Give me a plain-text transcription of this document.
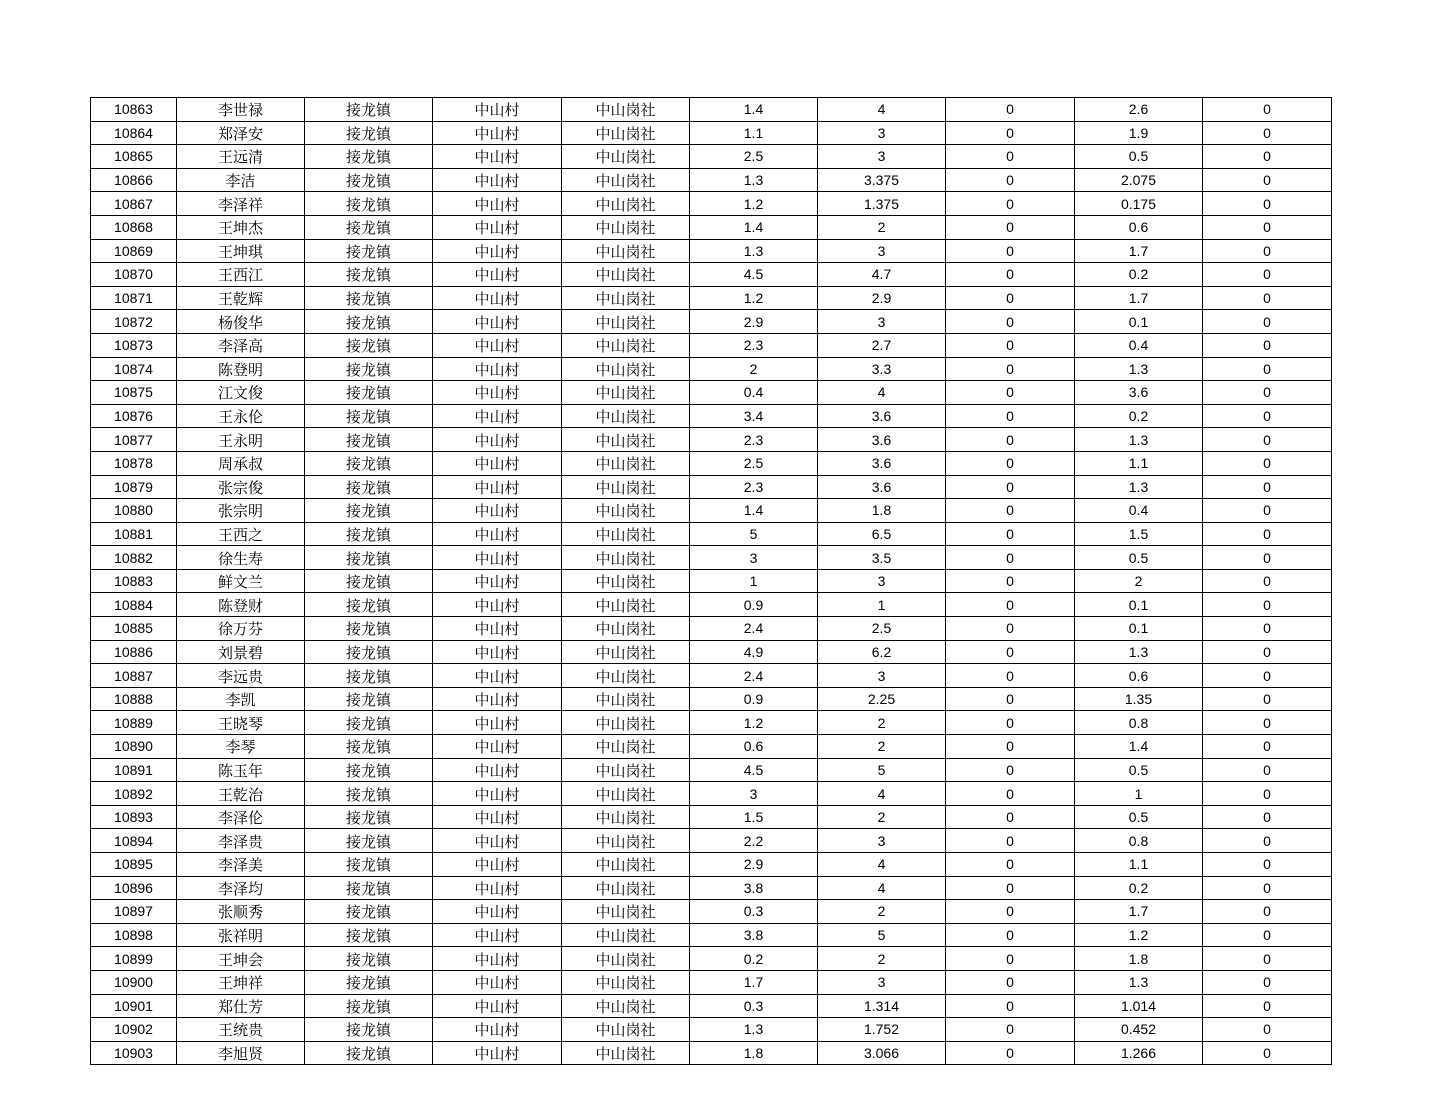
10863	李世禄	接龙镇	中山村	中山岗社	1.4	4	0	2.6	0
10864	郑泽安	接龙镇	中山村	中山岗社	1.1	3	0	1.9	0
10865	王远清	接龙镇	中山村	中山岗社	2.5	3	0	0.5	0
10866	李洁	接龙镇	中山村	中山岗社	1.3	3.375	0	2.075	0
10867	李泽祥	接龙镇	中山村	中山岗社	1.2	1.375	0	0.175	0
10868	王坤杰	接龙镇	中山村	中山岗社	1.4	2	0	0.6	0
10869	王坤琪	接龙镇	中山村	中山岗社	1.3	3	0	1.7	0
10870	王西江	接龙镇	中山村	中山岗社	4.5	4.7	0	0.2	0
10871	王乾辉	接龙镇	中山村	中山岗社	1.2	2.9	0	1.7	0
10872	杨俊华	接龙镇	中山村	中山岗社	2.9	3	0	0.1	0
10873	李泽高	接龙镇	中山村	中山岗社	2.3	2.7	0	0.4	0
10874	陈登明	接龙镇	中山村	中山岗社	2	3.3	0	1.3	0
10875	江文俊	接龙镇	中山村	中山岗社	0.4	4	0	3.6	0
10876	王永伦	接龙镇	中山村	中山岗社	3.4	3.6	0	0.2	0
10877	王永明	接龙镇	中山村	中山岗社	2.3	3.6	0	1.3	0
10878	周承叔	接龙镇	中山村	中山岗社	2.5	3.6	0	1.1	0
10879	张宗俊	接龙镇	中山村	中山岗社	2.3	3.6	0	1.3	0
10880	张宗明	接龙镇	中山村	中山岗社	1.4	1.8	0	0.4	0
10881	王西之	接龙镇	中山村	中山岗社	5	6.5	0	1.5	0
10882	徐生寿	接龙镇	中山村	中山岗社	3	3.5	0	0.5	0
10883	鲜文兰	接龙镇	中山村	中山岗社	1	3	0	2	0
10884	陈登财	接龙镇	中山村	中山岗社	0.9	1	0	0.1	0
10885	徐万芬	接龙镇	中山村	中山岗社	2.4	2.5	0	0.1	0
10886	刘景碧	接龙镇	中山村	中山岗社	4.9	6.2	0	1.3	0
10887	李远贵	接龙镇	中山村	中山岗社	2.4	3	0	0.6	0
10888	李凯	接龙镇	中山村	中山岗社	0.9	2.25	0	1.35	0
10889	王晓琴	接龙镇	中山村	中山岗社	1.2	2	0	0.8	0
10890	李琴	接龙镇	中山村	中山岗社	0.6	2	0	1.4	0
10891	陈玉年	接龙镇	中山村	中山岗社	4.5	5	0	0.5	0
10892	王乾治	接龙镇	中山村	中山岗社	3	4	0	1	0
10893	李泽伦	接龙镇	中山村	中山岗社	1.5	2	0	0.5	0
10894	李泽贵	接龙镇	中山村	中山岗社	2.2	3	0	0.8	0
10895	李泽美	接龙镇	中山村	中山岗社	2.9	4	0	1.1	0
10896	李泽均	接龙镇	中山村	中山岗社	3.8	4	0	0.2	0
10897	张顺秀	接龙镇	中山村	中山岗社	0.3	2	0	1.7	0
10898	张祥明	接龙镇	中山村	中山岗社	3.8	5	0	1.2	0
10899	王坤会	接龙镇	中山村	中山岗社	0.2	2	0	1.8	0
10900	王坤祥	接龙镇	中山村	中山岗社	1.7	3	0	1.3	0
10901	郑仕芳	接龙镇	中山村	中山岗社	0.3	1.314	0	1.014	0
10902	王统贵	接龙镇	中山村	中山岗社	1.3	1.752	0	0.452	0
10903	李旭贤	接龙镇	中山村	中山岗社	1.8	3.066	0	1.266	0
